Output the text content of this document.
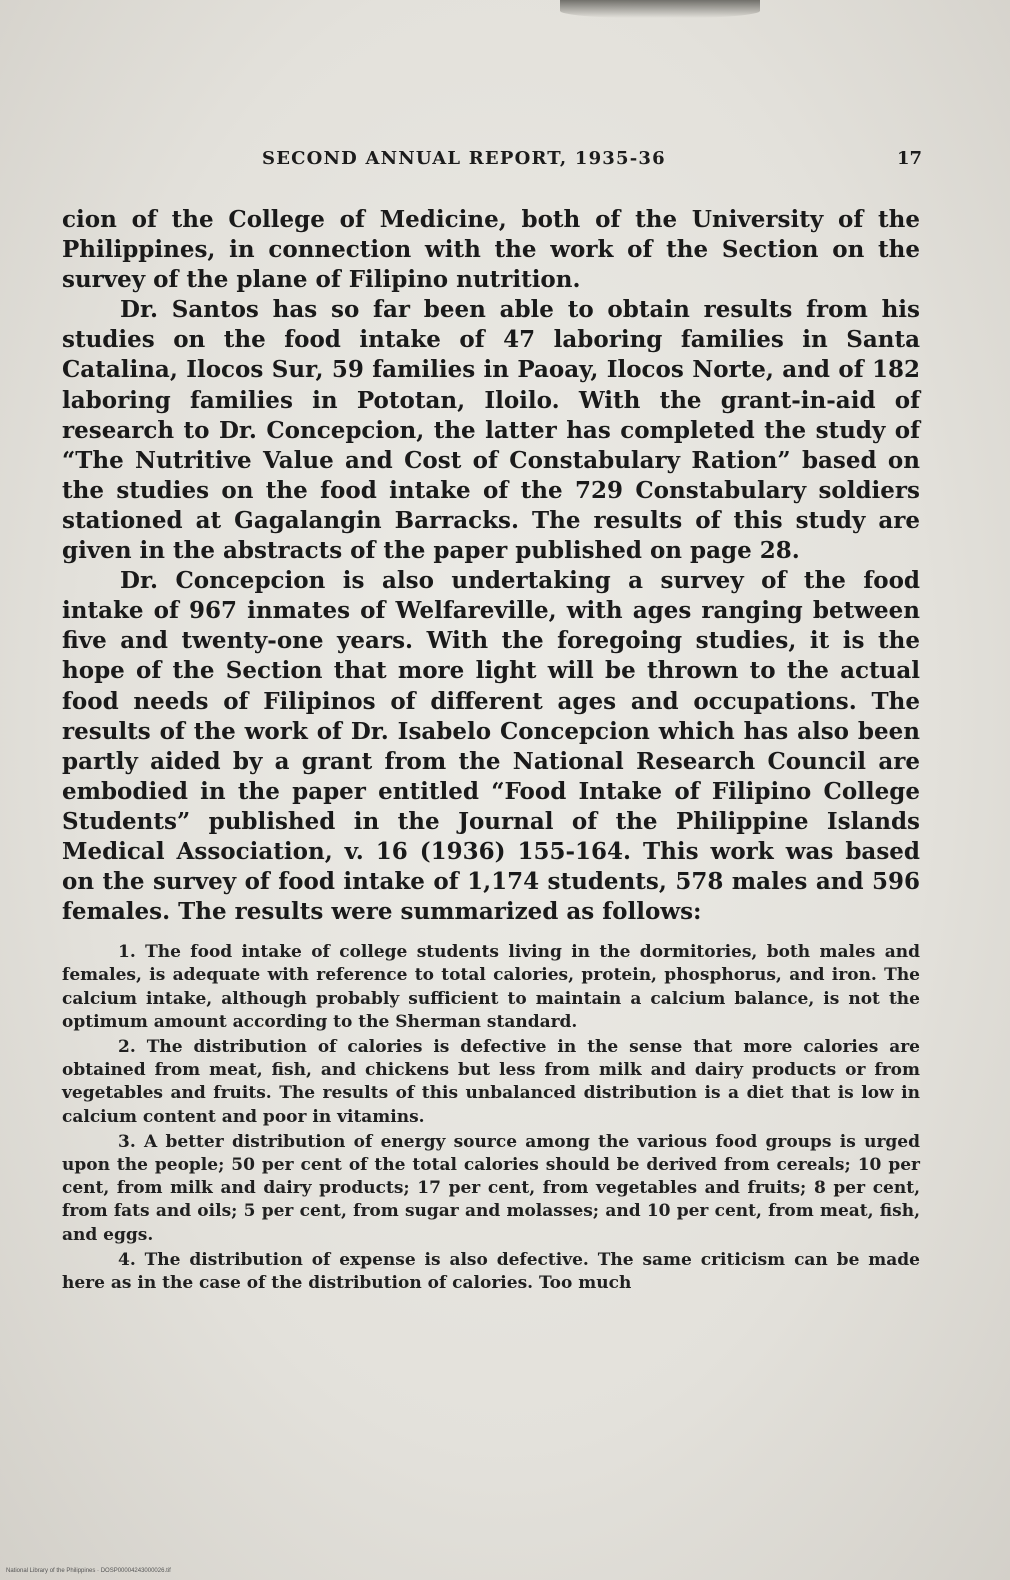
SECOND ANNUAL REPORT, 1935-36	17

cion of the College of Medicine, both of the University of the Philippines, in connection with the work of the Section on the survey of the plane of Filipino nutrition.

Dr. Santos has so far been able to obtain results from his studies on the food intake of 47 laboring families in Santa Catalina, Ilocos Sur, 59 families in Paoay, Ilocos Norte, and of 182 laboring families in Pototan, Iloilo. With the grant-in-aid of research to Dr. Concepcion, the latter has completed the study of “The Nutritive Value and Cost of Constabulary Ration” based on the studies on the food intake of the 729 Constabulary soldiers stationed at Gagalangin Barracks. The results of this study are given in the abstracts of the paper published on page 28.

Dr. Concepcion is also undertaking a survey of the food intake of 967 inmates of Welfareville, with ages ranging between five and twenty-one years. With the foregoing studies, it is the hope of the Section that more light will be thrown to the actual food needs of Filipinos of different ages and occupations. The results of the work of Dr. Isabelo Concepcion which has also been partly aided by a grant from the National Research Council are embodied in the paper entitled “Food Intake of Filipino College Students” published in the Journal of the Philippine Islands Medical Association, v. 16 (1936) 155-164. This work was based on the survey of food intake of 1,174 students, 578 males and 596 females. The results were summarized as follows:

1. The food intake of college students living in the dormitories, both males and females, is adequate with reference to total calories, protein, phosphorus, and iron. The calcium intake, although probably sufficient to maintain a calcium balance, is not the optimum amount according to the Sherman standard.

2. The distribution of calories is defective in the sense that more calories are obtained from meat, fish, and chickens but less from milk and dairy products or from vegetables and fruits. The results of this unbalanced distribution is a diet that is low in calcium content and poor in vitamins.

3. A better distribution of energy source among the various food groups is urged upon the people; 50 per cent of the total calories should be derived from cereals; 10 per cent, from milk and dairy products; 17 per cent, from vegetables and fruits; 8 per cent, from fats and oils; 5 per cent, from sugar and molasses; and 10 per cent, from meat, fish, and eggs.

4. The distribution of expense is also defective. The same criticism can be made here as in the case of the distribution of calories. Too much

National Library of the Philippines · DOSP00004243000026.tif
